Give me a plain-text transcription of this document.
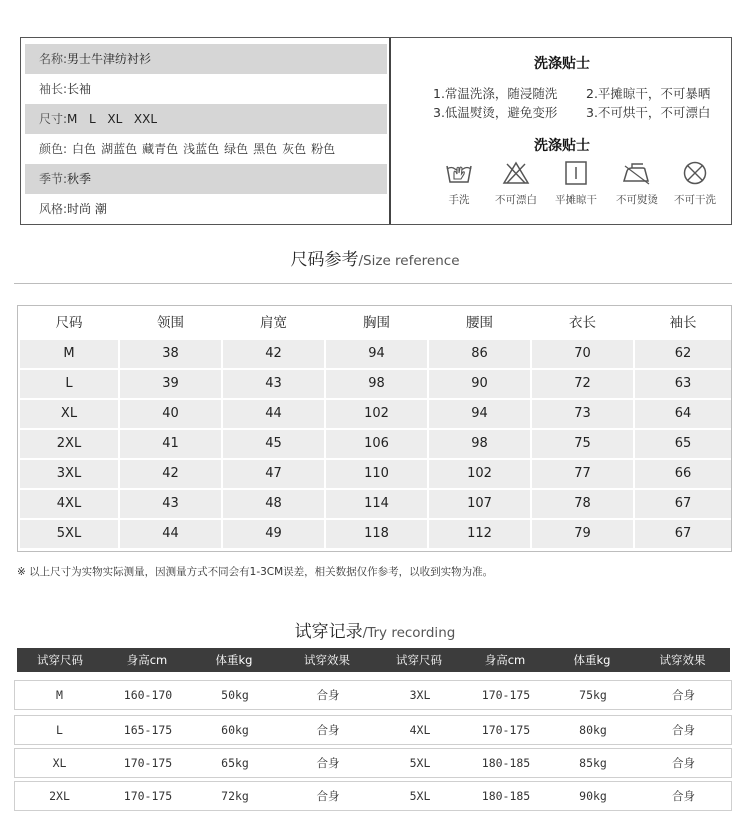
名称:男士牛津纺衬衫
袖长:长袖
尺寸:M  L  XL  XXL
颜色: 白色 湖蓝色 藏青色 浅蓝色 绿色 黑色 灰色 粉色
季节:秋季
风格:时尚 潮
洗涤贴士
1.常温洗涤，随浸随洗 2.平摊晾干，不可暴晒
3.低温熨烫，避免变形 3.不可烘干，不可漂白
洗涤贴士
手洗	不可漂白	平摊晾干	不可熨烫	不可干洗
尺码参考/Size reference
尺码	领围	肩宽	胸围	腰围	衣长	袖长
M	38	42	94	86	70	62
L	39	43	98	90	72	63
XL	40	44	102	94	73	64
2XL	41	45	106	98	75	65
3XL	42	47	110	102	77	66
4XL	43	48	114	107	78	67
5XL	44	49	118	112	79	67
※ 以上尺寸为实物实际测量，因测量方式不同会有1-3CM误差，相关数据仅作参考，以收到实物为准。
试穿记录/Try recording
试穿尺码	身高cm	体重kg	试穿效果	试穿尺码	身高cm	体重kg	试穿效果
M	160-170	50kg	合身	3XL	170-175	75kg	合身
L	165-175	60kg	合身	4XL	170-175	80kg	合身
XL	170-175	65kg	合身	5XL	180-185	85kg	合身
2XL	170-175	72kg	合身	5XL	180-185	90kg	合身
